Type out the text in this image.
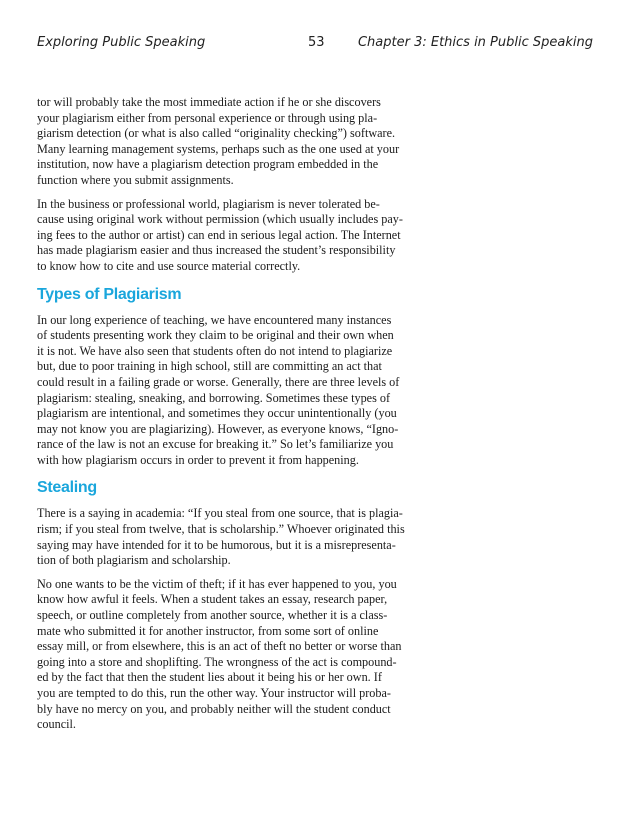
Exploring Public Speaking	53	Chapter 3: Ethics in Public Speaking

tor will probably take the most immediate action if he or she discovers
your plagiarism either from personal experience or through using pla-
giarism detection (or what is also called “originality checking”) software.
Many learning management systems, perhaps such as the one used at your
institution, now have a plagiarism detection program embedded in the
function where you submit assignments.

In the business or professional world, plagiarism is never tolerated be-
cause using original work without permission (which usually includes pay-
ing fees to the author or artist) can end in serious legal action. The Internet
has made plagiarism easier and thus increased the student’s responsibility
to know how to cite and use source material correctly.

Types of Plagiarism

In our long experience of teaching, we have encountered many instances
of students presenting work they claim to be original and their own when
it is not. We have also seen that students often do not intend to plagiarize
but, due to poor training in high school, still are committing an act that
could result in a failing grade or worse. Generally, there are three levels of
plagiarism: stealing, sneaking, and borrowing. Sometimes these types of
plagiarism are intentional, and sometimes they occur unintentionally (you
may not know you are plagiarizing). However, as everyone knows, “Igno-
rance of the law is not an excuse for breaking it.” So let’s familiarize you
with how plagiarism occurs in order to prevent it from happening.

Stealing

There is a saying in academia: “If you steal from one source, that is plagia-
rism; if you steal from twelve, that is scholarship.” Whoever originated this
saying may have intended for it to be humorous, but it is a misrepresenta-
tion of both plagiarism and scholarship.

No one wants to be the victim of theft; if it has ever happened to you, you
know how awful it feels. When a student takes an essay, research paper,
speech, or outline completely from another source, whether it is a class-
mate who submitted it for another instructor, from some sort of online
essay mill, or from elsewhere, this is an act of theft no better or worse than
going into a store and shoplifting. The wrongness of the act is compound-
ed by the fact that then the student lies about it being his or her own. If
you are tempted to do this, run the other way. Your instructor will proba-
bly have no mercy on you, and probably neither will the student conduct
council.
